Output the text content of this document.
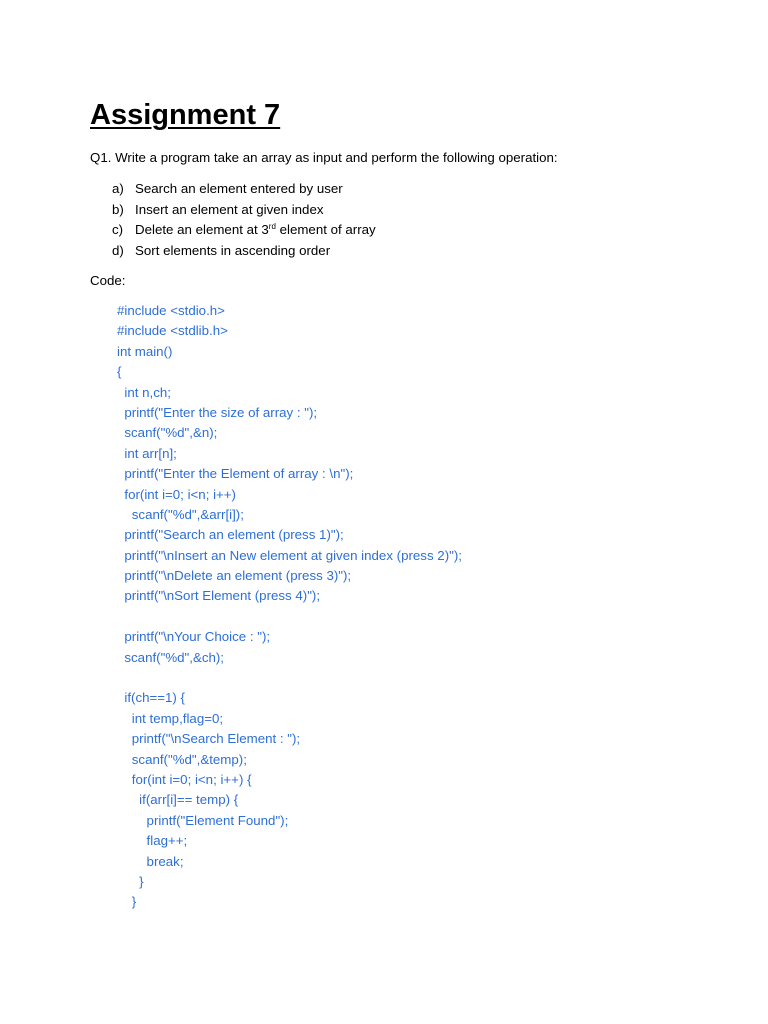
Assignment 7

Q1. Write a program take an array as input and perform the following operation:

a) Search an element entered by user
b) Insert an element at given index
c) Delete an element at 3rd element of array
d) Sort elements in ascending order

Code:

#include <stdio.h>
#include <stdlib.h>
int main()
{
int n,ch;
printf("Enter the size of array : ");
scanf("%d",&n);
int arr[n];
printf("Enter the Element of array : \n");
for(int i=0; i<n; i++)
scanf("%d",&arr[i]);
printf("Search an element (press 1)");
printf("\nInsert an New element at given index (press 2)");
printf("\nDelete an element (press 3)");
printf("\nSort Element (press 4)");
printf("\nYour Choice : ");
scanf("%d",&ch);
if(ch==1) {
int temp,flag=0;
printf("\nSearch Element : ");
scanf("%d",&temp);
for(int i=0; i<n; i++) {
if(arr[i]== temp) {
printf("Element Found");
flag++;
break;
}
}
